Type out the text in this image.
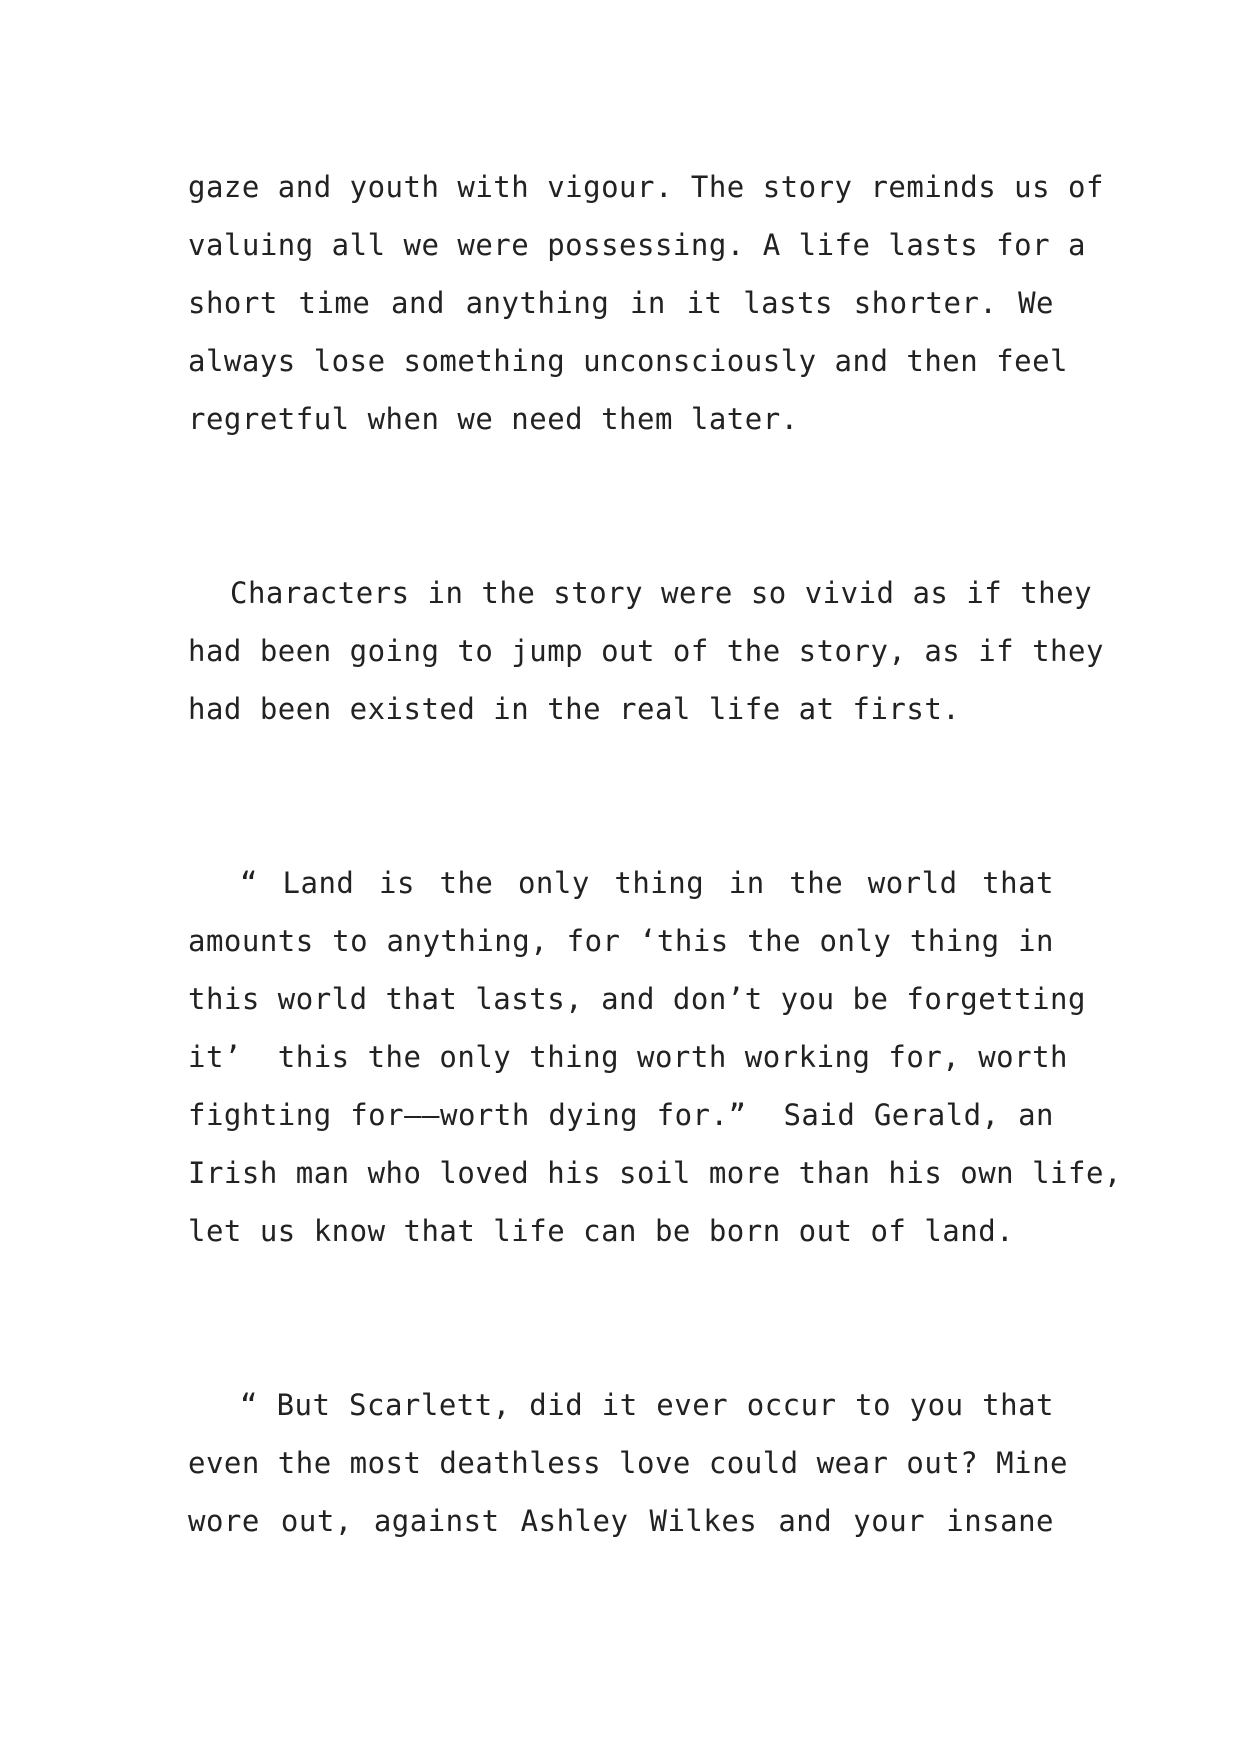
gaze and youth with vigour. The story reminds us of
valuing all we were possessing. A life lasts for a
short time and anything in it lasts shorter. We
always lose something unconsciously and then feel
regretful when we need them later.
Characters in the story were so vivid as if they
had been going to jump out of the story, as if they
had been existed in the real life at first.
“ Land is the only thing in the world that
amounts to anything, for ‘this the only thing in
this world that lasts, and don’t you be forgetting
it’  this the only thing worth working for, worth
fighting for——worth dying for.”  Said Gerald, an
Irish man who loved his soil more than his own life,
let us know that life can be born out of land.
“ But Scarlett, did it ever occur to you that
even the most deathless love could wear out? Mine
wore out, against Ashley Wilkes and your insane
